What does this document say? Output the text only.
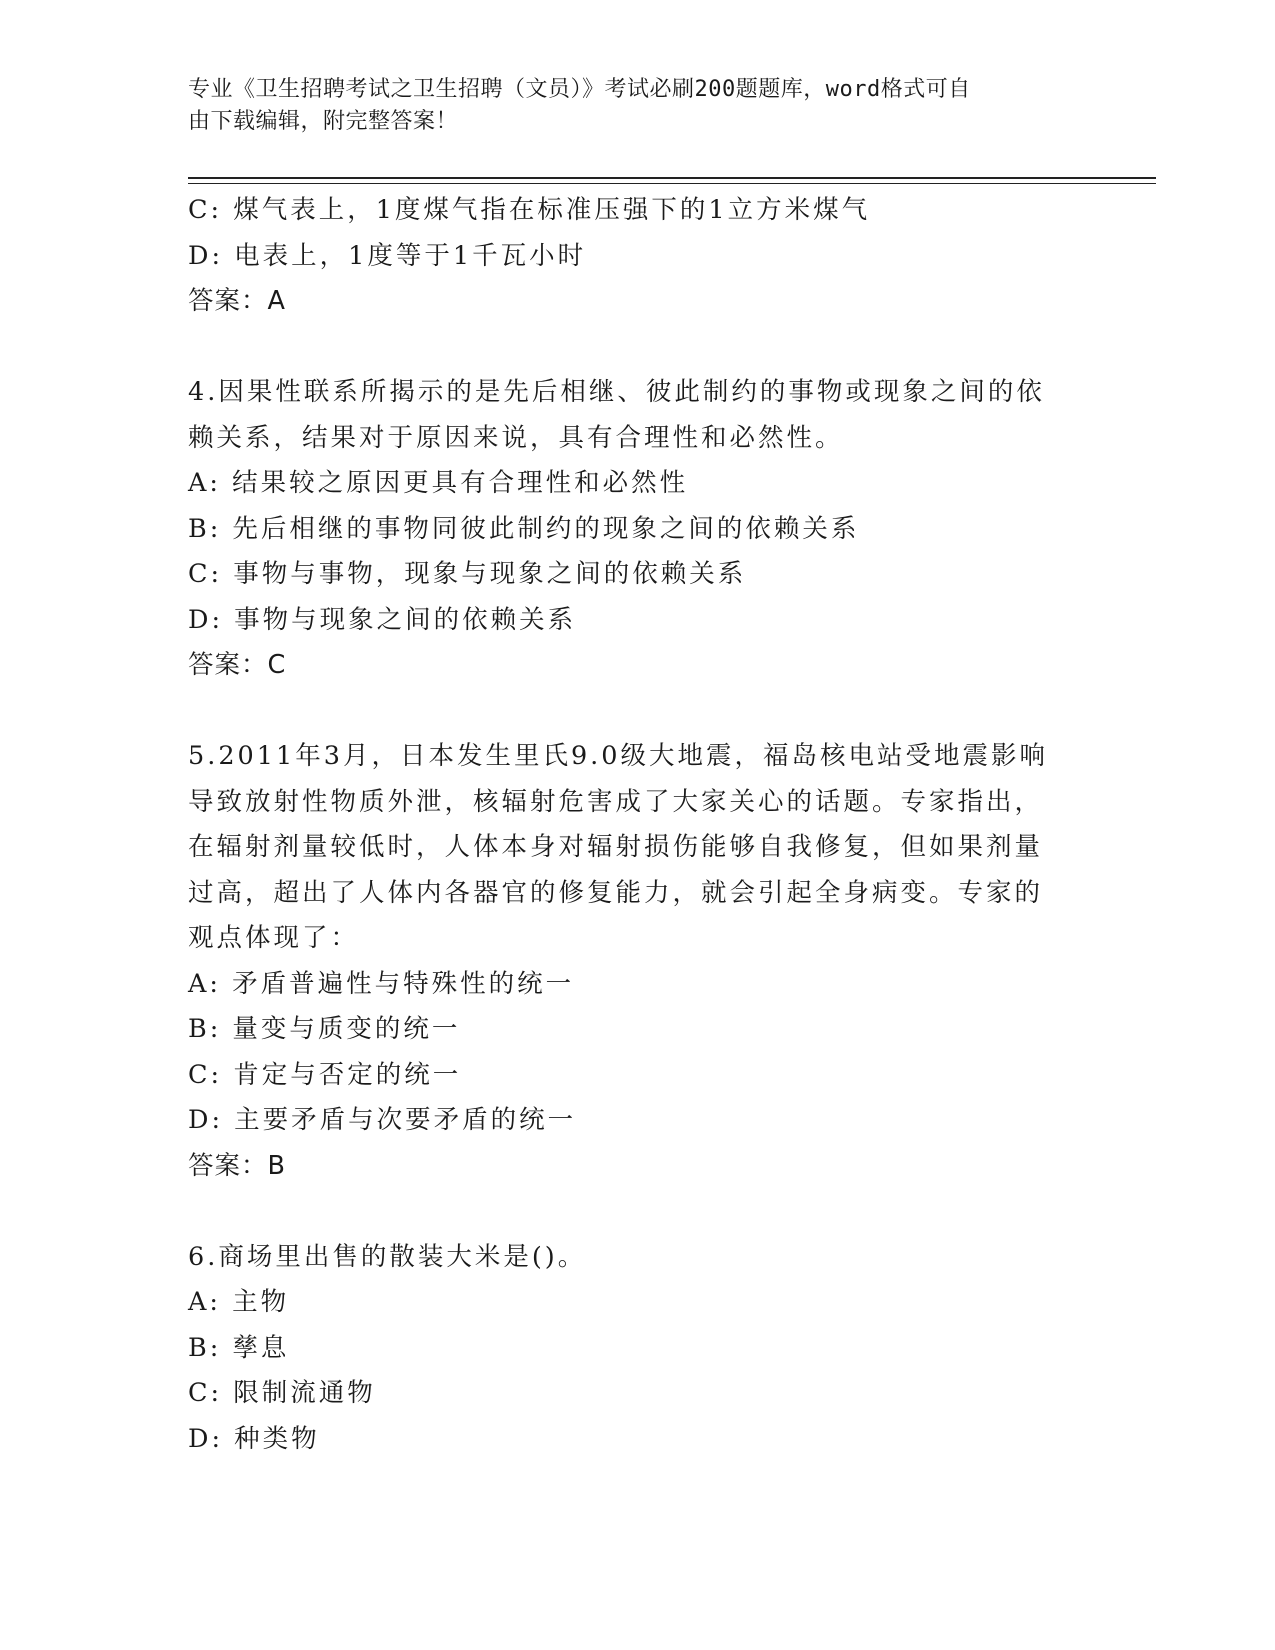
专业《卫生招聘考试之卫生招聘（文员）》考试必刷200题题库，word格式可自
由下载编辑，附完整答案！
C: 煤气表上，1度煤气指在标准压强下的1立方米煤气
D: 电表上，1度等于1千瓦小时
答案：A
4.因果性联系所揭示的是先后相继、彼此制约的事物或现象之间的依
赖关系，结果对于原因来说，具有合理性和必然性。
A: 结果较之原因更具有合理性和必然性
B: 先后相继的事物同彼此制约的现象之间的依赖关系
C: 事物与事物，现象与现象之间的依赖关系
D: 事物与现象之间的依赖关系
答案：C
5.2011年3月，日本发生里氏9.0级大地震，福岛核电站受地震影响
导致放射性物质外泄，核辐射危害成了大家关心的话题。专家指出，
在辐射剂量较低时，人体本身对辐射损伤能够自我修复，但如果剂量
过高，超出了人体内各器官的修复能力，就会引起全身病变。专家的
观点体现了：
A: 矛盾普遍性与特殊性的统一
B: 量变与质变的统一
C: 肯定与否定的统一
D: 主要矛盾与次要矛盾的统一
答案：B
6.商场里出售的散装大米是()。
A: 主物
B: 孳息
C: 限制流通物
D: 种类物
